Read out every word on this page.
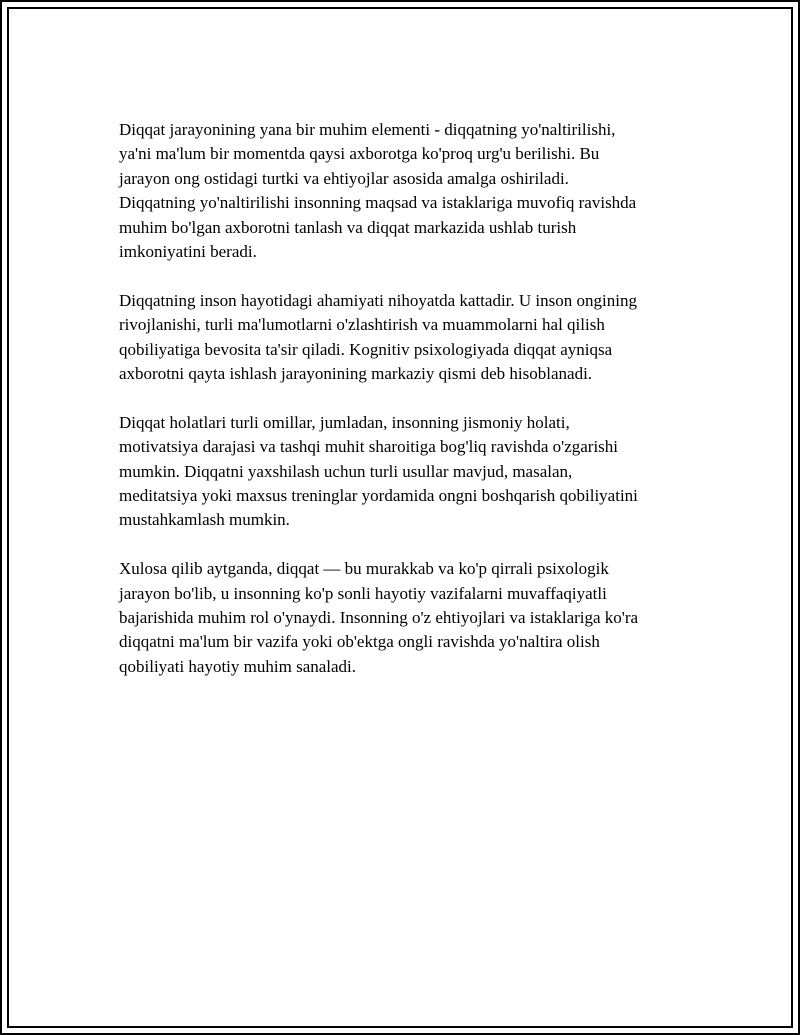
Diqqat jarayonining yana bir muhim elementi - diqqatning yo'naltirilishi,
ya'ni ma'lum bir momentda qaysi axborotga ko'proq urg'u berilishi. Bu
jarayon ong ostidagi turtki va ehtiyojlar asosida amalga oshiriladi.
Diqqatning yo'naltirilishi insonning maqsad va istaklariga muvofiq ravishda
muhim bo'lgan axborotni tanlash va diqqat markazida ushlab turish
imkoniyatini beradi.

Diqqatning inson hayotidagi ahamiyati nihoyatda kattadir. U inson ongining
rivojlanishi, turli ma'lumotlarni o'zlashtirish va muammolarni hal qilish
qobiliyatiga bevosita ta'sir qiladi. Kognitiv psixologiyada diqqat ayniqsa
axborotni qayta ishlash jarayonining markaziy qismi deb hisoblanadi.

Diqqat holatlari turli omillar, jumladan, insonning jismoniy holati,
motivatsiya darajasi va tashqi muhit sharoitiga bog'liq ravishda o'zgarishi
mumkin. Diqqatni yaxshilash uchun turli usullar mavjud, masalan,
meditatsiya yoki maxsus treninglar yordamida ongni boshqarish qobiliyatini
mustahkamlash mumkin.

Xulosa qilib aytganda, diqqat — bu murakkab va ko'p qirrali psixologik
jarayon bo'lib, u insonning ko'p sonli hayotiy vazifalarni muvaffaqiyatli
bajarishida muhim rol o'ynaydi. Insonning o'z ehtiyojlari va istaklariga ko'ra
diqqatni ma'lum bir vazifa yoki ob'ektga ongli ravishda yo'naltira olish
qobiliyati hayotiy muhim sanaladi.
